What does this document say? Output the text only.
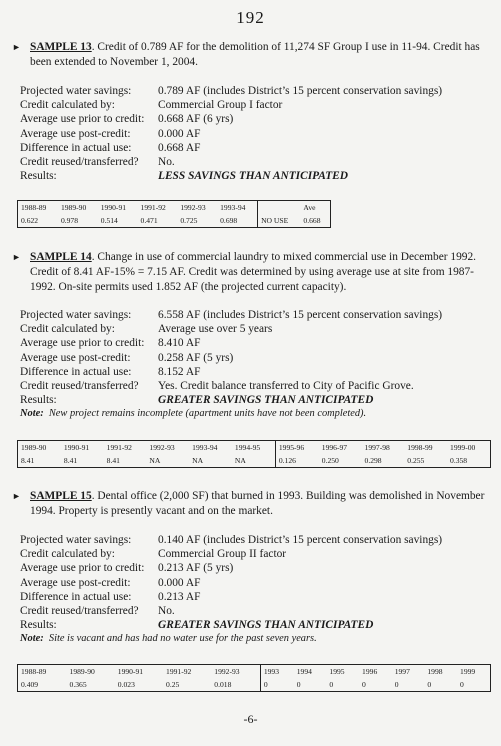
192
► SAMPLE 13. Credit of 0.789 AF for the demolition of 11,274 SF Group I use in 11-94. Credit has been extended to November 1, 2004.
Projected water savings:	0.789 AF (includes District’s 15 percent conservation savings)
Credit calculated by:	Commercial Group I factor
Average use prior to credit:	0.668 AF (6 yrs)
Average use post-credit:	0.000 AF
Difference in actual use:	0.668 AF
Credit reused/transferred?	No.
Results:	LESS SAVINGS THAN ANTICIPATED
1988-89	1989-90	1990-91	1991-92	1992-93	1993-94		Ave
0.622	0.978	0.514	0.471	0.725	0.698	NO USE	0.668
► SAMPLE 14. Change in use of commercial laundry to mixed commercial use in December 1992. Credit of 8.41 AF-15% = 7.15 AF. Credit was determined by using average use at site from 1987-1992. On-site permits used 1.852 AF (the projected current capacity).
Projected water savings:	6.558 AF (includes District’s 15 percent conservation savings)
Credit calculated by:	Average use over 5 years
Average use prior to credit:	8.410 AF
Average use post-credit:	0.258 AF (5 yrs)
Difference in actual use:	8.152 AF
Credit reused/transferred?	Yes. Credit balance transferred to City of Pacific Grove.
Results:	GREATER SAVINGS THAN ANTICIPATED
Note:
New project remains incomplete (apartment units have not been completed).
1989-90	1990-91	1991-92	1992-93	1993-94	1994-95	1995-96	1996-97	1997-98	1998-99	1999-00
8.41	8.41	8.41	NA	NA	NA	0.126	0.250	0.298	0.255	0.358
► SAMPLE 15. Dental office (2,000 SF) that burned in 1993. Building was demolished in November 1994. Property is presently vacant and on the market.
Projected water savings:	0.140 AF (includes District’s 15 percent conservation savings)
Credit calculated by:	Commercial Group II factor
Average use prior to credit:	0.213 AF (5 yrs)
Average use post-credit:	0.000 AF
Difference in actual use:	0.213 AF
Credit reused/transferred?	No.
Results:	GREATER SAVINGS THAN ANTICIPATED
Note:
Site is vacant and has had no water use for the past seven years.
1988-89	1989-90	1990-91	1991-92	1992-93	1993	1994	1995	1996	1997	1998	1999
0.409	0.365	0.023	0.25	0.018	0	0	0	0	0	0	0
-6-
